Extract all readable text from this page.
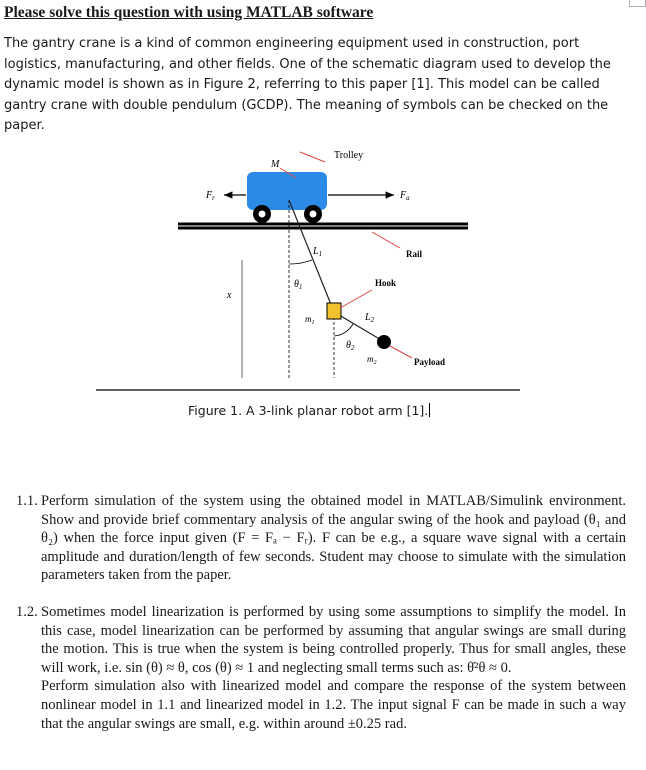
Please solve this question with using MATLAB software
The gantry crane is a kind of common engineering equipment used in construction, port
logistics, manufacturing, and other fields. One of the schematic diagram used to develop the
dynamic model is shown as in Figure 2, referring to this paper [1]. This model can be called
gantry crane with double pendulum (GCDP). The meaning of symbols can be checked on the
paper.
Trolley
M
$F_r$	$F_a$
Rail
$L_1$
$\theta_1$	Hook
x
$m_1$	$L_2$
$\theta_2$
$m_2$	Payload
Figure 1. A 3-link planar robot arm [1].
1.1. Perform simulation of the system using the obtained model in MATLAB/Simulink environment. Show and provide brief commentary analysis of the angular swing of the hook and payload (θ₁ and θ₂) when the force input given (F = Fₐ − Fᵣ). F can be e.g., a square wave signal with a certain amplitude and duration/length of few seconds. Student may choose to simulate with the simulation parameters taken from the paper.
1.2. Sometimes model linearization is performed by using some assumptions to simplify the model. In this case, model linearization can be performed by assuming that angular swings are small during the motion. This is true when the system is being controlled properly. Thus for small angles, these will work, i.e. sin (θ) ≈ θ, cos (θ) ≈ 1 and neglecting small terms such as: θ̇²θ ≈ 0.
Perform simulation also with linearized model and compare the response of the system between nonlinear model in 1.1 and linearized model in 1.2. The input signal F can be made in such a way that the angular swings are small, e.g. within around ±0.25 rad.
